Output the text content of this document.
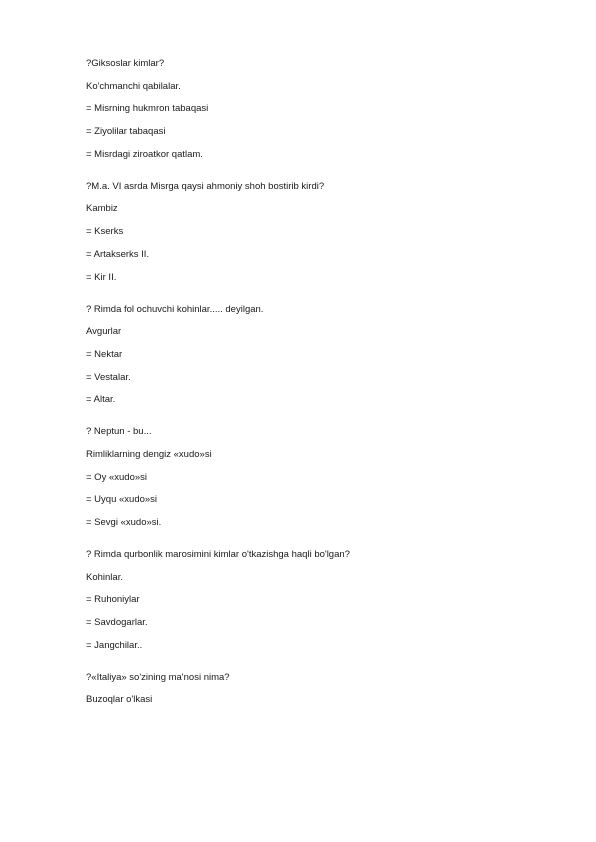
?Giksoslar kimlar?
Ko'chmanchi qabilalar.
= Misrning hukmron tabaqasi
= Ziyolilar tabaqasi
= Misrdagi ziroatkor qatlam.
?M.a. VI asrda Misrga qaysi ahmoniy shoh bostirib kirdi?
Kambiz
= Kserks
= Artakserks II.
= Kir II.
? Rimda fol ochuvchi kohinlar..... deyilgan.
Avgurlar
= Nektar
= Vestalar.
= Altar.
? Neptun - bu...
Rimliklarning dengiz «xudo»si
= Oy «xudo»si
= Uyqu «xudo»si
= Sevgi «xudo»si.
? Rimda qurbonlik marosimini kimlar o'tkazishga haqli bo'lgan?
Kohinlar.
= Ruhoniylar
= Savdogarlar.
= Jangchilar..
?«Italiya» so'zining ma'nosi nima?
Buzoqlar o'lkasi
